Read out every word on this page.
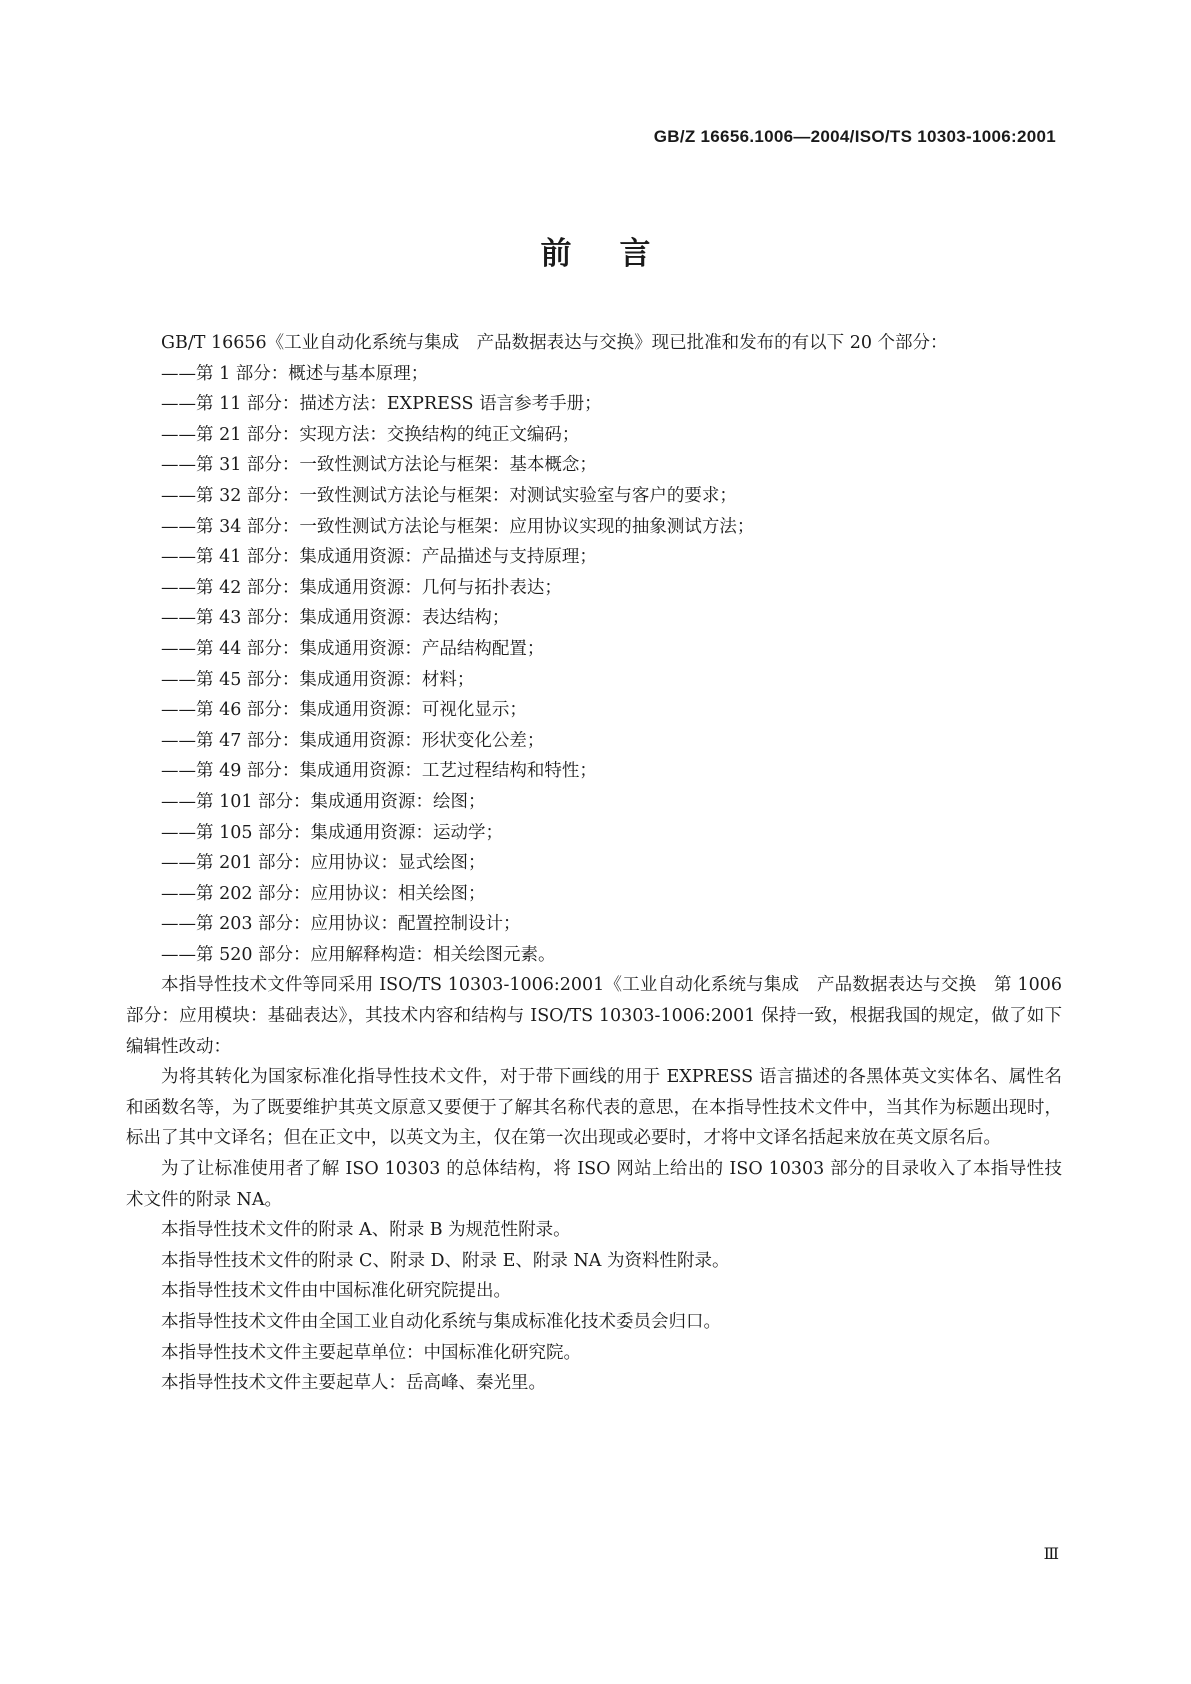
GB/Z 16656.1006—2004/ISO/TS 10303-1006:2001
前言

GB/T 16656《工业自动化系统与集成　产品数据表达与交换》现已批准和发布的有以下 20 个部分：

——第 1 部分：概述与基本原理；

——第 11 部分：描述方法：EXPRESS 语言参考手册；

——第 21 部分：实现方法：交换结构的纯正文编码；

——第 31 部分：一致性测试方法论与框架：基本概念；

——第 32 部分：一致性测试方法论与框架：对测试实验室与客户的要求；

——第 34 部分：一致性测试方法论与框架：应用协议实现的抽象测试方法；

——第 41 部分：集成通用资源：产品描述与支持原理；

——第 42 部分：集成通用资源：几何与拓扑表达；

——第 43 部分：集成通用资源：表达结构；

——第 44 部分：集成通用资源：产品结构配置；

——第 45 部分：集成通用资源：材料；

——第 46 部分：集成通用资源：可视化显示；

——第 47 部分：集成通用资源：形状变化公差；

——第 49 部分：集成通用资源：工艺过程结构和特性；

——第 101 部分：集成通用资源：绘图；

——第 105 部分：集成通用资源：运动学；

——第 201 部分：应用协议：显式绘图；

——第 202 部分：应用协议：相关绘图；

——第 203 部分：应用协议：配置控制设计；

——第 520 部分：应用解释构造：相关绘图元素。

本指导性技术文件等同采用 ISO/TS 10303-1006:2001《工业自动化系统与集成　产品数据表达与交换　第 1006 部分：应用模块：基础表达》，其技术内容和结构与 ISO/TS 10303-1006:2001 保持一致，根据我国的规定，做了如下编辑性改动：

为将其转化为国家标准化指导性技术文件，对于带下画线的用于 EXPRESS 语言描述的各黑体英文实体名、属性名和函数名等，为了既要维护其英文原意又要便于了解其名称代表的意思，在本指导性技术文件中，当其作为标题出现时，标出了其中文译名；但在正文中，以英文为主，仅在第一次出现或必要时，才将中文译名括起来放在英文原名后。

为了让标准使用者了解 ISO 10303 的总体结构，将 ISO 网站上给出的 ISO 10303 部分的目录收入了本指导性技术文件的附录 NA。

本指导性技术文件的附录 A、附录 B 为规范性附录。

本指导性技术文件的附录 C、附录 D、附录 E、附录 NA 为资料性附录。

本指导性技术文件由中国标准化研究院提出。

本指导性技术文件由全国工业自动化系统与集成标准化技术委员会归口。

本指导性技术文件主要起草单位：中国标准化研究院。

本指导性技术文件主要起草人：岳高峰、秦光里。

Ⅲ
